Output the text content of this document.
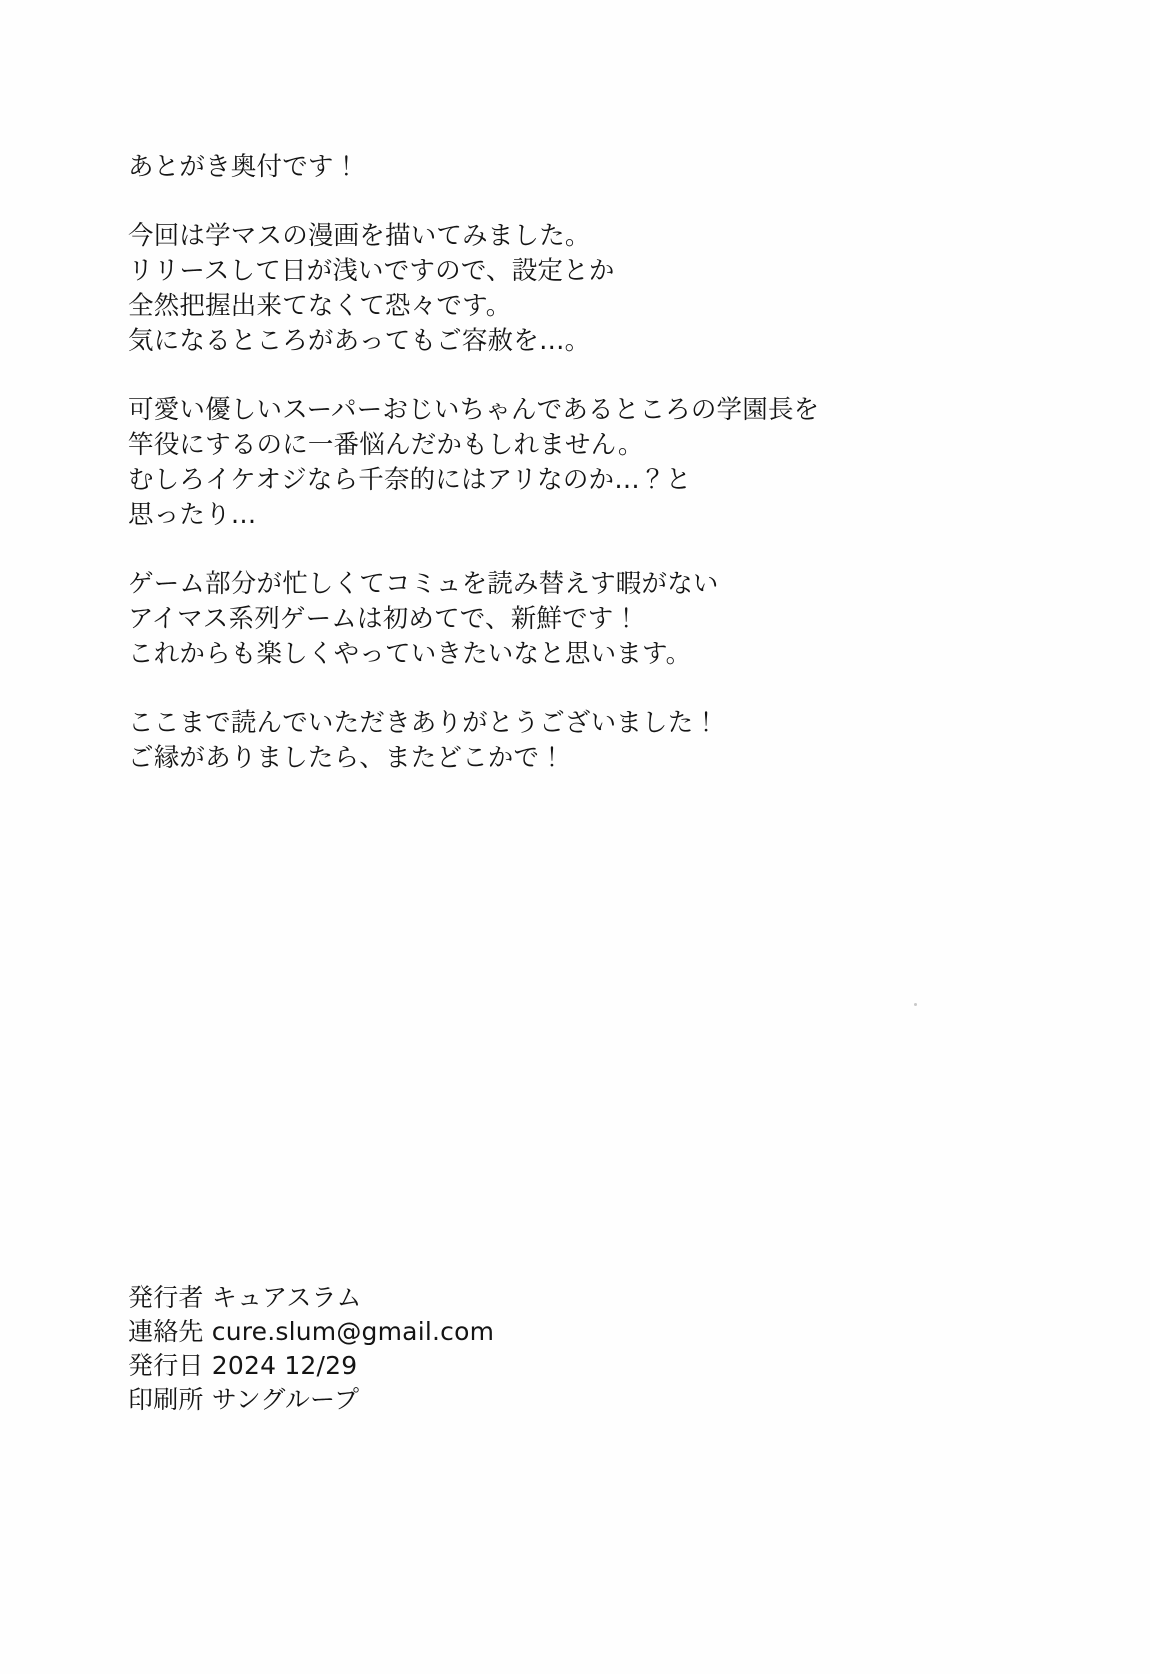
あとがき奥付です！
今回は学マスの漫画を描いてみました。
リリースして日が浅いですので、設定とか
全然把握出来てなくて恐々です。
気になるところがあってもご容赦を…。
可愛い優しいスーパーおじいちゃんであるところの学園長を
竿役にするのに一番悩んだかもしれません。
むしろイケオジなら千奈的にはアリなのか…？と
思ったり…
ゲーム部分が忙しくてコミュを読み替えす暇がない
アイマス系列ゲームは初めてで、新鮮です！
これからも楽しくやっていきたいなと思います。
ここまで読んでいただきありがとうございました！
ご縁がありましたら、またどこかで！
発行者 キュアスラム
連絡先 cure.slum@gmail.com
発行日 2024 12/29
印刷所 サングループ
